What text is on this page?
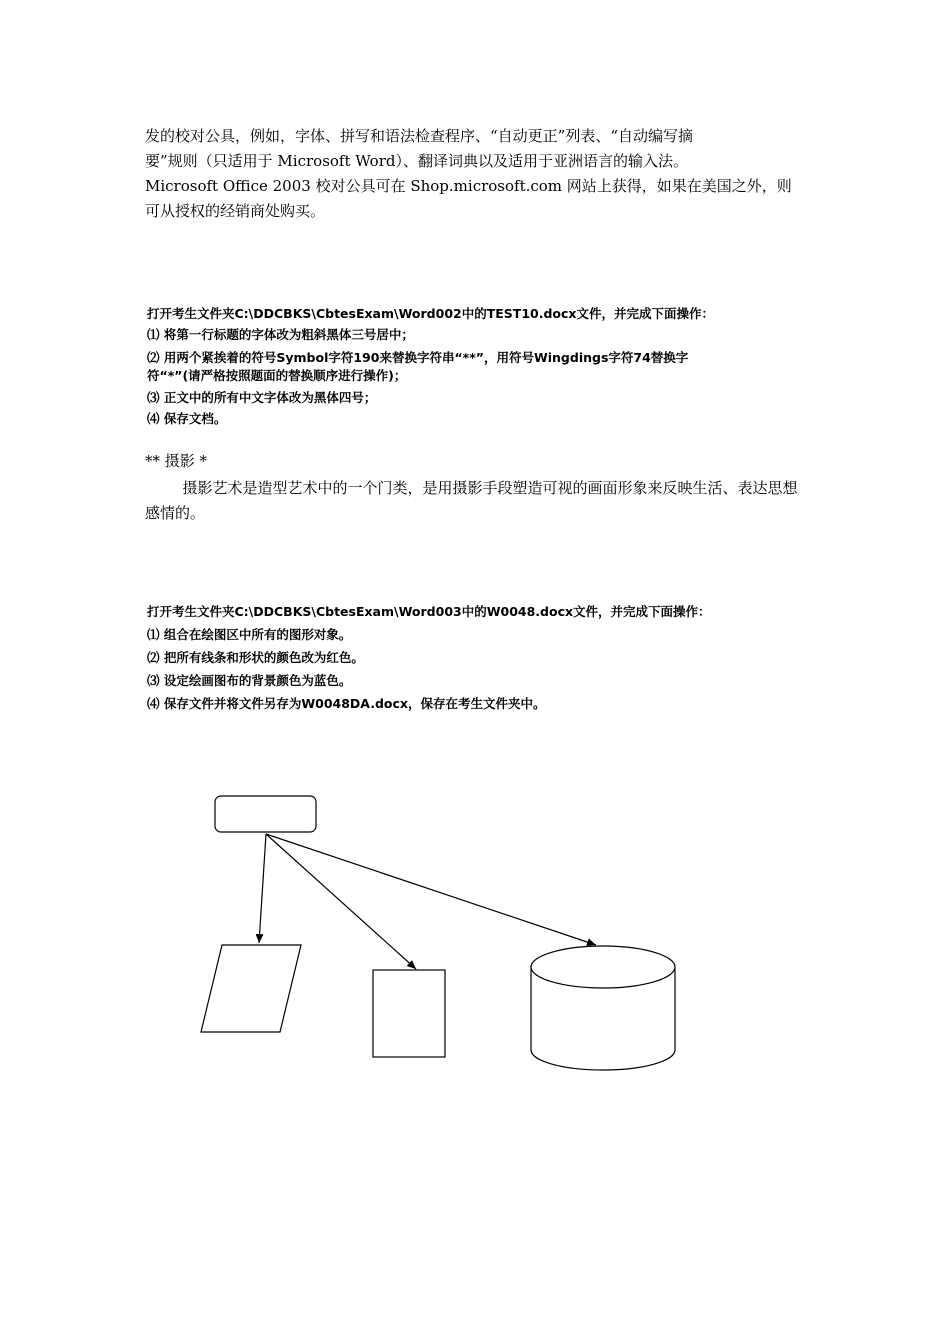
发的校对公具，例如，字体、拼写和语法检查程序、“自动更正”列表、“自动编写摘
要”规则（只适用于 Microsoft Word）、翻译词典以及适用于亚洲语言的输入法。
Microsoft Office 2003 校对公具可在 Shop.microsoft.com 网站上获得，如果在美国之外，则
可从授权的经销商处购买。
打开考生文件夹C:\DDCBKS\CbtesExam\Word002中的TEST10.docx文件，并完成下面操作：
⑴ 将第一行标题的字体改为粗斜黑体三号居中；
⑵ 用两个紧挨着的符号Symbol字符190来替换字符串“**”，用符号Wingdings字符74替换字
符“*”(请严格按照题面的替换顺序进行操作)；
⑶ 正文中的所有中文字体改为黑体四号；
⑷ 保存文档。
** 摄影 *

摄影艺术是造型艺术中的一个门类，是用摄影手段塑造可视的画面形象来反映生活、表达思想感情的。

打开考生文件夹C:\DDCBKS\CbtesExam\Word003中的W0048.docx文件，并完成下面操作：
⑴ 组合在绘图区中所有的图形对象。
⑵ 把所有线条和形状的颜色改为红色。
⑶ 设定绘画图布的背景颜色为蓝色。
⑷ 保存文件并将文件另存为W0048DA.docx，保存在考生文件夹中。
